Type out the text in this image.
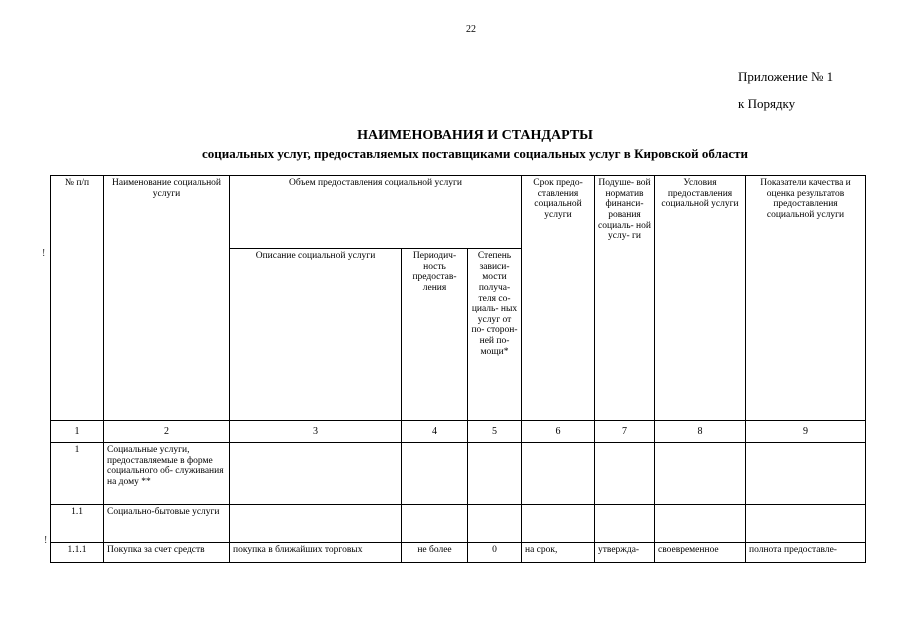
22
Приложение № 1
к Порядку
НАИМЕНОВАНИЯ И СТАНДАРТЫ
социальных услуг, предоставляемых поставщиками социальных услуг в Кировской области
!
!
№ п/п	Наименование социальной услуги	Объем предоставления социальной услуги			Срок предо- ставления социальной услуги	Подуше- вой норматив финанси- рования социаль- ной услу- ги	Условия предоставления социальной услуги	Показатели качества и оценка результатов предоставления социальной услуги
		Описание социальной услуги	Периодич- ность предостав- ления	Степень зависи- мости получа- теля со- циаль- ных услуг от по- сторон- ней по- мощи*				
1	2	3	4	5	6	7	8	9
1	Социальные услуги, предоставляемые в форме социального об- служивания на дому **							
1.1	Социально-бытовые услуги							
1.1.1	Покупка за счет средств	покупка в ближайших торговых	не более	0	на срок,	утвержда-	своевременное	полнота предоставле-
